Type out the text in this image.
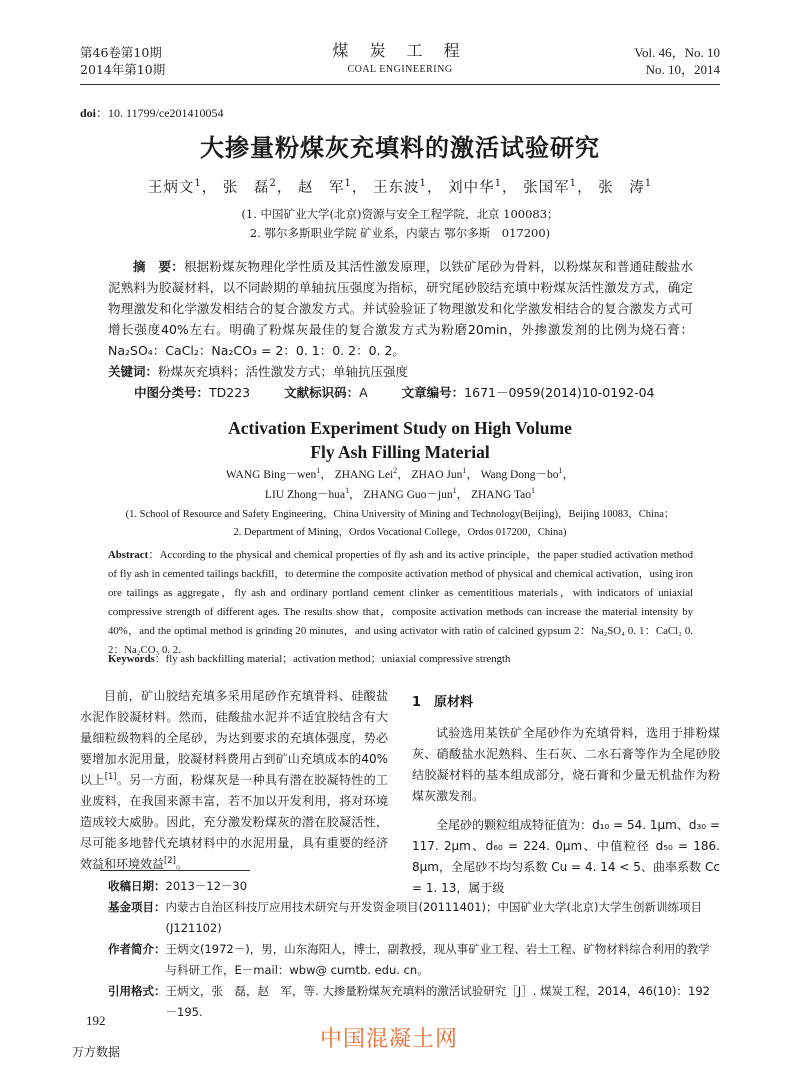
第46卷第10期
2014年第10期
煤 炭 工 程
COAL ENGINEERING
Vol. 46，No. 10
No. 10，2014
doi：10. 11799/ce201410054
大掺量粉煤灰充填料的激活试验研究
王炳文$^1$， 张　磊$^2$， 赵　军$^1$， 王东波$^1$， 刘中华$^1$， 张国军$^1$， 张　涛$^1$
(1. 中国矿业大学(北京)资源与安全工程学院，北京 100083；
2. 鄂尔多斯职业学院 矿业系，内蒙古 鄂尔多斯　017200)
摘　要：根据粉煤灰物理化学性质及其活性激发原理，以铁矿尾砂为骨料，以粉煤灰和普通硅酸盐水泥熟料为胶凝材料，以不同龄期的单轴抗压强度为指标，研究尾砂胶结充填中粉煤灰活性激发方式，确定物理激发和化学激发相结合的复合激发方式。并试验验证了物理激发和化学激发相结合的复合激发方式可增长强度40%左右。明确了粉煤灰最佳的复合激发方式为粉磨20min，外掺激发剂的比例为烧石膏：Na₂SO₄：CaCl₂：Na₂CO₃ = 2：0. 1：0. 2：0. 2。
关键词：粉煤灰充填料；活性激发方式；单轴抗压强度
中图分类号：TD223	文献标识码：A	文章编号：1671－0959(2014)10-0192-04
Activation Experiment Study on High Volume
Fly Ash Filling Material
WANG Bing－wen$^1$， ZHANG Lei$^2$， ZHAO Jun$^1$， Wang $Dong-bo^1$，
LIU Zhong－hua$^1$， ZHANG Guo－jun$^1$， ZHANG Tao$^1$
(1. School of Resource and Safety Engineering，China University of Mining and Technology(Beijing)，Beijing 10083，China；
2. Department of Mining，Ordos Vocational College，Ordos 017200，China)
Abstract：According to the physical and chemical properties of fly ash and its active principle，the paper studied activation method of fly ash in cemented tailings backfill，to determine the composite activation method of physical and chemical activation，using iron ore tailings as aggregate，fly ash and ordinary portland cement clinker as cementitious materials，with indicators of uniaxial compressive strength of different ages. The results show that，composite activation methods can increase the material intensity by 40%，and the optimal method is grinding 20 minutes，and using activator with ratio of calcined gypsum 2：Na₂SO₄ 0. 1：CaCl₂ 0. 2：Na₂CO₃ 0. 2.
Keywords：fly ash backfilling material；activation method；uniaxial compressive strength

目前，矿山胶结充填多采用尾砂作充填骨料、硅酸盐水泥作胶凝材料。然而，硅酸盐水泥并不适宜胶结含有大量细粒级物料的全尾砂，为达到要求的充填体强度，势必要增加水泥用量，胶凝材料费用占到矿山充填成本的40%以上[1]。另一方面，粉煤灰是一种具有潜在胶凝特性的工业废料，在我国来源丰富，若不加以开发利用，将对环境造成较大威胁。因此，充分激发粉煤灰的潜在胶凝活性，尽可能多地替代充填材料中的水泥用量，具有重要的经济效益和环境效益[2]。

1　原材料

试验选用某铁矿全尾砂作为充填骨料，选用于排粉煤灰、硝酸盐水泥熟料、生石灰、二水石膏等作为全尾砂胶结胶凝材料的基本组成部分，烧石膏和少量无机盐作为粉煤灰激发剂。

全尾砂的颗粒组成特征值为：d₁₀ = 54. 1μm、d₃₀ = 117. 2μm、d₆₀ = 224. 0μm、中值粒径 d₅₀ = 186. 8μm，全尾砂不均匀系数 Cu = 4. 14 < 5、曲率系数 Cc = 1. 13，属于级

收稿日期： 2013－12－30
基金项目： 内蒙古自治区科技厅应用技术研究与开发资金项目(20111401)；中国矿业大学(北京)大学生创新训练项目(J121102)
作者简介： 王炳文(1972－)，男，山东海阳人，博士，副教授，现从事矿业工程、岩土工程、矿物材料综合利用的教学与科研工作，E－mail：wbw@ cumtb. edu. cn。
引用格式： 王炳文，张　磊，赵　军，等. 大掺量粉煤灰充填料的激活试验研究［J］. 煤炭工程，2014，46(10)：192－195.
192
中国混凝土网
万方数据
